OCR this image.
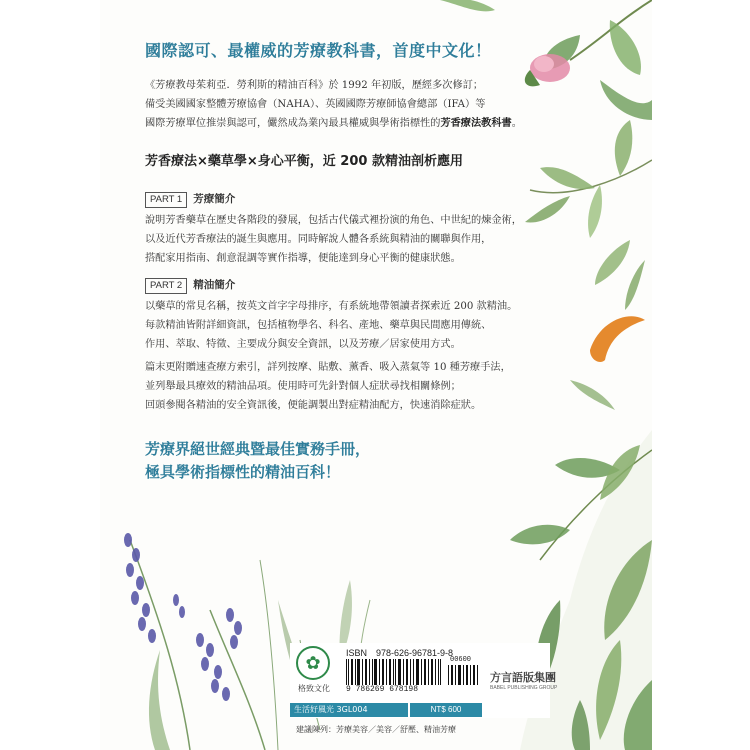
國際認可、最權威的芳療教科書，首度中文化！

《芳療教母茱莉亞．勞利斯的精油百科》於 1992 年初版，歷經多次修訂；

備受美國國家整體芳療協會（NAHA）、英國國際芳療師協會總部（IFA）等

國際芳療單位推崇與認可，儼然成為業內最具權威與學術指標性的芳香療法教科書。

芳香療法×藥草學×身心平衡，近 200 款精油剖析應用
PART 1	芳療簡介

說明芳香藥草在歷史各階段的發展，包括古代儀式裡扮演的角色、中世紀的煉金術，

以及近代芳香療法的誕生與應用。同時解說人體各系統與精油的關聯與作用，

搭配家用指南、創意混調等實作指導，便能達到身心平衡的健康狀態。

PART 2	精油簡介

以藥草的常見名稱，按英文首字字母排序，有系統地帶領讀者探索近 200 款精油。

每款精油皆附詳細資訊，包括植物學名、科名、產地、藥草與民間應用傳統、

作用、萃取、特徵、主要成分與安全資訊，以及芳療／居家使用方式。

篇末更附贈速查療方索引，詳列按摩、貼敷、薰香、吸入蒸氣等 10 種芳療手法，

並列舉最具療效的精油品項。使用時可先針對個人症狀尋找相關條例；

回頭參閱各精油的安全資訊後，便能調製出對症精油配方，快速消除症狀。

芳療界絕世經典暨最佳實務手冊，
極具學術指標性的精油百科！
✿
格致文化
ISBN　978-626-96781-9-8
00600
9 786269 678198
生活好風光 3GL004	NT$ 600
方言語版集團
BABEL PUBLISHING GROUP
建議陳列：芳療美容／美容／舒壓、精油芳療
